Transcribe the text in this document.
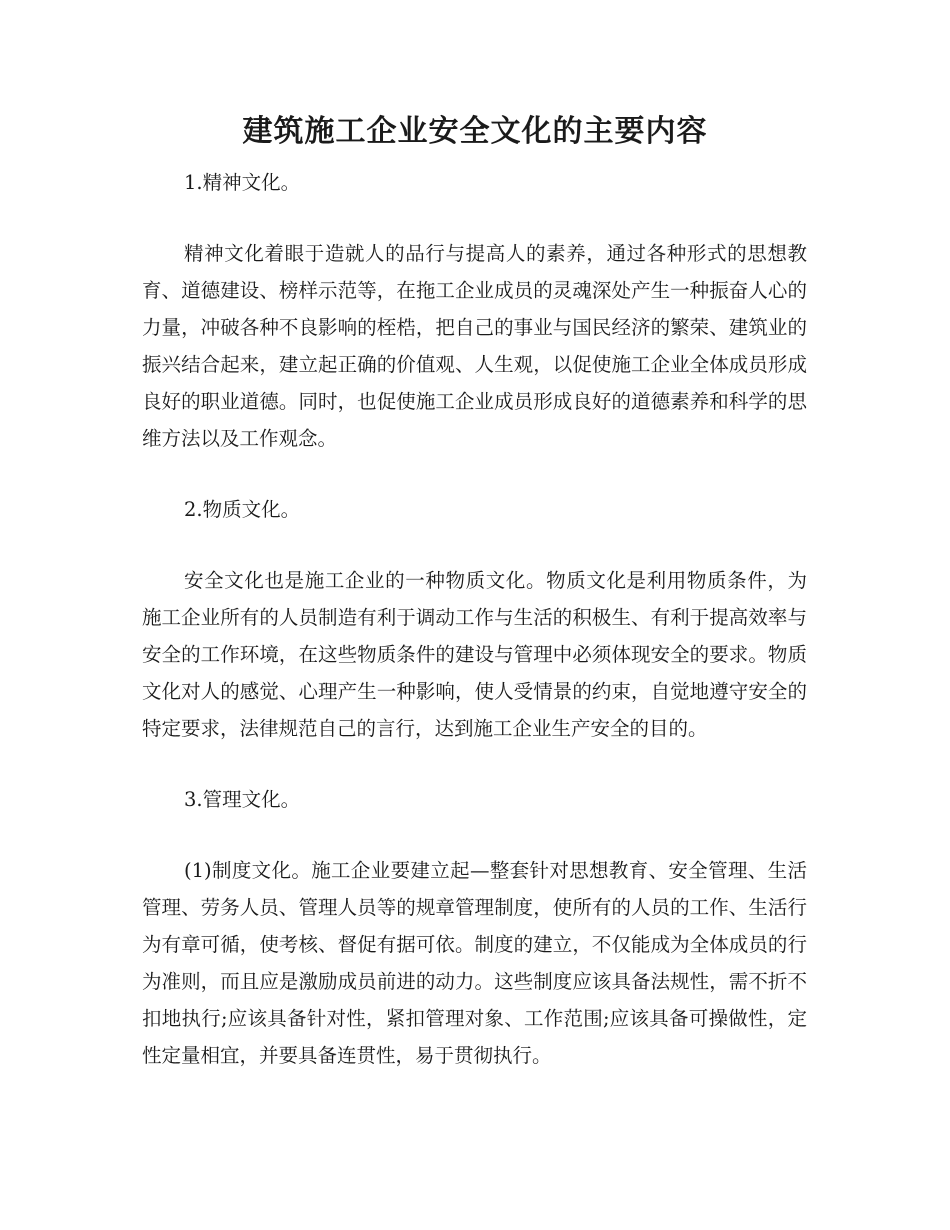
建筑施工企业安全文化的主要内容

1.精神文化。

精神文化着眼于造就人的品行与提高人的素养，通过各种形式的思想教育、道德建设、榜样示范等，在拖工企业成员的灵魂深处产生一种振奋人心的力量，冲破各种不良影响的桎梏，把自己的事业与国民经济的繁荣、建筑业的振兴结合起来，建立起正确的价值观、人生观，以促使施工企业全体成员形成良好的职业道德。同时，也促使施工企业成员形成良好的道德素养和科学的思维方法以及工作观念。

2.物质文化。

安全文化也是施工企业的一种物质文化。物质文化是利用物质条件，为施工企业所有的人员制造有利于调动工作与生活的积极生、有利于提高效率与安全的工作环境，在这些物质条件的建设与管理中必须体现安全的要求。物质文化对人的感觉、心理产生一种影响，使人受情景的约束，自觉地遵守安全的特定要求，法律规范自己的言行，达到施工企业生产安全的目的。

3.管理文化。

(1)制度文化。施工企业要建立起—整套针对思想教育、安全管理、生活管理、劳务人员、管理人员等的规章管理制度，使所有的人员的工作、生活行为有章可循，使考核、督促有据可依。制度的建立，不仅能成为全体成员的行为准则，而且应是激励成员前进的动力。这些制度应该具备法规性，需不折不扣地执行;应该具备针对性，紧扣管理对象、工作范围;应该具备可操做性，定性定量相宜，并要具备连贯性，易于贯彻执行。
